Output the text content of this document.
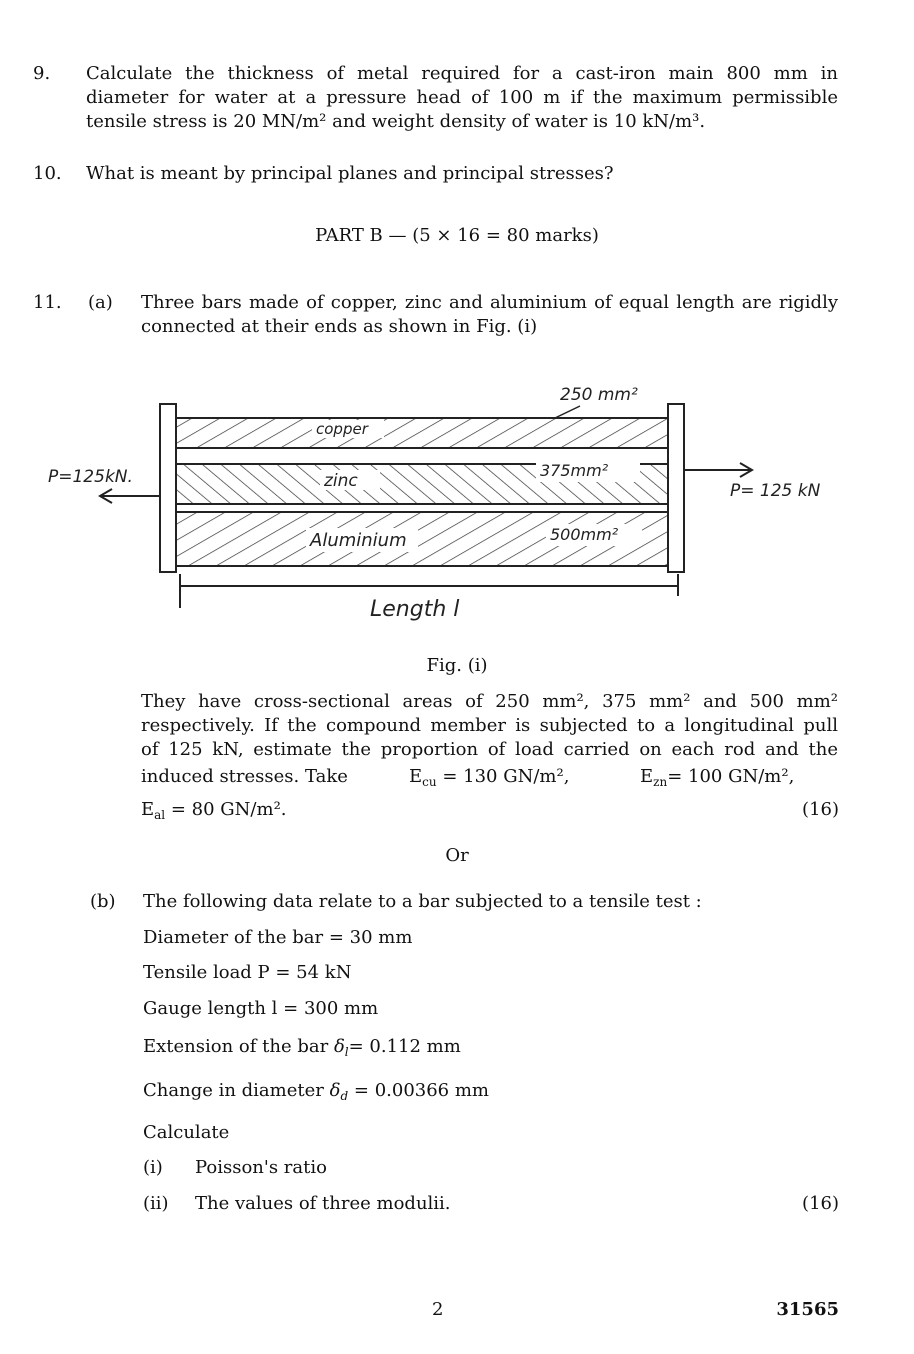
9. Calculate the thickness of metal required for a cast-iron main 800 mm in diameter for water at a pressure head of 100 m if the maximum permissible tensile stress is 20 MN/m² and weight density of water is 10 kN/m³.
10. What is meant by principal planes and principal stresses?
PART B — (5 × 16 = 80 marks)
11. (a) Three bars made of copper, zinc and aluminium of equal length are rigidly connected at their ends as shown in Fig. (i)
copper
zinc
Aluminium
250 mm²
375mm²
500mm²
P=125kN.
P= 125 kN
Length l
Fig. (i)
They have cross-sectional areas of 250 mm², 375 mm² and 500 mm²
respectively. If the compound member is subjected to a longitudinal pull
of 125 kN, estimate the proportion of load carried on each rod and the
induced stresses. Take	$E_{cu} = 130$ GN/m²,	$E_{zn}= 100$ GN/m²,
$E_{al} = 80$ GN/m².	(16)
Or
(b) The following data relate to a bar subjected to a tensile test :
Diameter of the bar = 30 mm
Tensile load P = 54 kN
Gauge length l = 300 mm
Extension of the bar $\delta_l= 0.112$ mm
Change in diameter $\delta_d = 0.00366$ mm
Calculate
(i) Poisson's ratio
(ii) The values of three modulii.	(16)
2	31565
